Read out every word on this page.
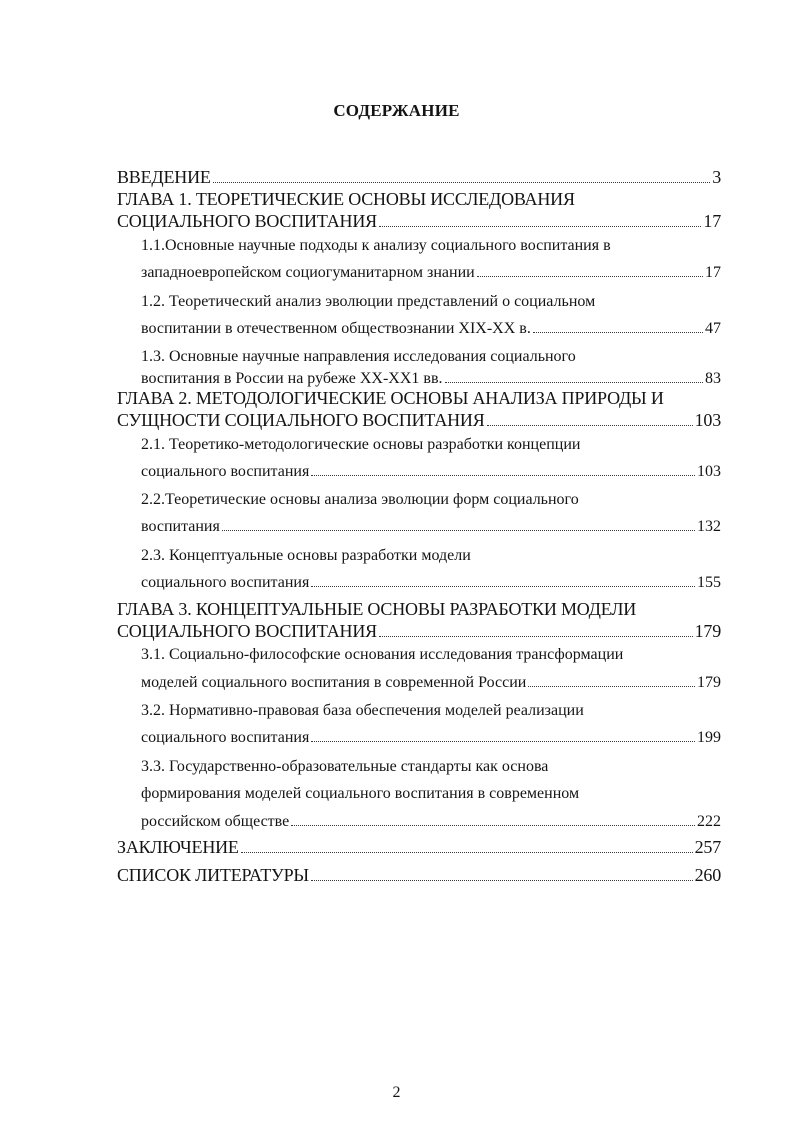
СОДЕРЖАНИЕ
ВВЕДЕНИЕ	3
ГЛАВА 1. ТЕОРЕТИЧЕСКИЕ ОСНОВЫ ИССЛЕДОВАНИЯ
СОЦИАЛЬНОГО ВОСПИТАНИЯ	17
1.1.Основные научные подходы к анализу социального воспитания в
западноевропейском социогуманитарном знании	17
1.2. Теоретический анализ эволюции представлений о социальном
воспитании в отечественном обществознании XIX-XX в.	47
1.3. Основные научные направления исследования социального
воспитания в России на рубеже XX-XX1 вв.	83
ГЛАВА 2. МЕТОДОЛОГИЧЕСКИЕ ОСНОВЫ АНАЛИЗА ПРИРОДЫ И
СУЩНОСТИ СОЦИАЛЬНОГО ВОСПИТАНИЯ	103
2.1. Теоретико-методологические основы разработки концепции
социального воспитания	103
2.2.Теоретические основы анализа эволюции форм социального
воспитания	132
2.3. Концептуальные основы разработки модели
социального воспитания	155
ГЛАВА 3. КОНЦЕПТУАЛЬНЫЕ ОСНОВЫ РАЗРАБОТКИ МОДЕЛИ
СОЦИАЛЬНОГО ВОСПИТАНИЯ	179
3.1. Социально-философские основания исследования трансформации
моделей социального воспитания в современной России	179
3.2. Нормативно-правовая база обеспечения моделей реализации
социального воспитания	199
3.3. Государственно-образовательные стандарты как основа
формирования моделей социального воспитания в современном
российском обществе	222
ЗАКЛЮЧЕНИЕ	257
СПИСОК ЛИТЕРАТУРЫ	260
2
